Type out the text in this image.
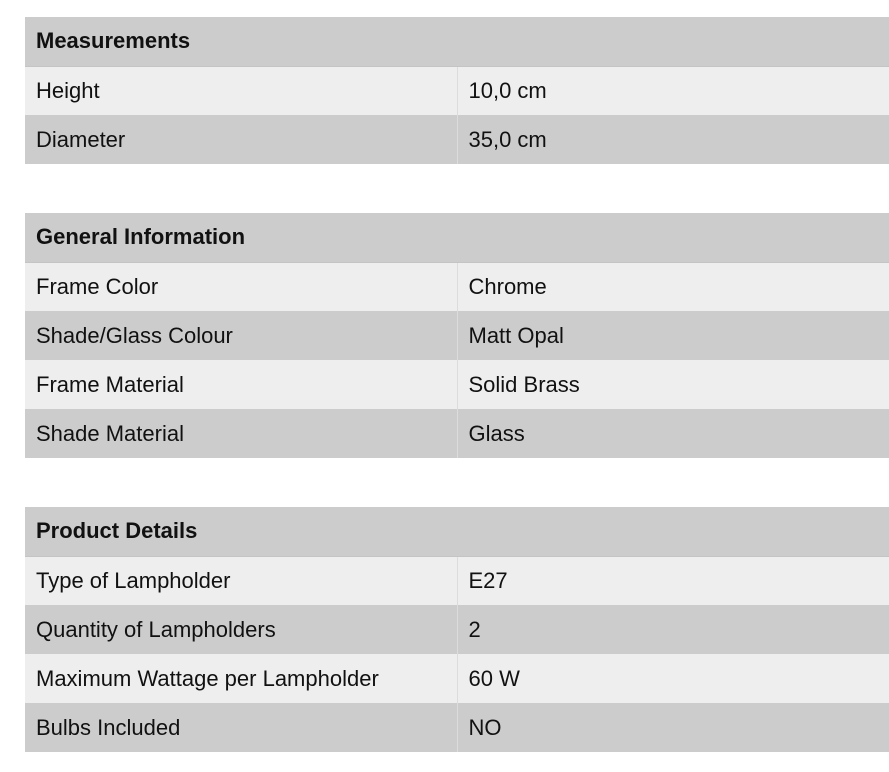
Measurements	
Height	10,0 cm
Diameter	35,0 cm
General Information	
Frame Color	Chrome
Shade/Glass Colour	Matt Opal
Frame Material	Solid Brass
Shade Material	Glass
Product Details	
Type of Lampholder	E27
Quantity of Lampholders	2
Maximum Wattage per Lampholder	60 W
Bulbs Included	NO
